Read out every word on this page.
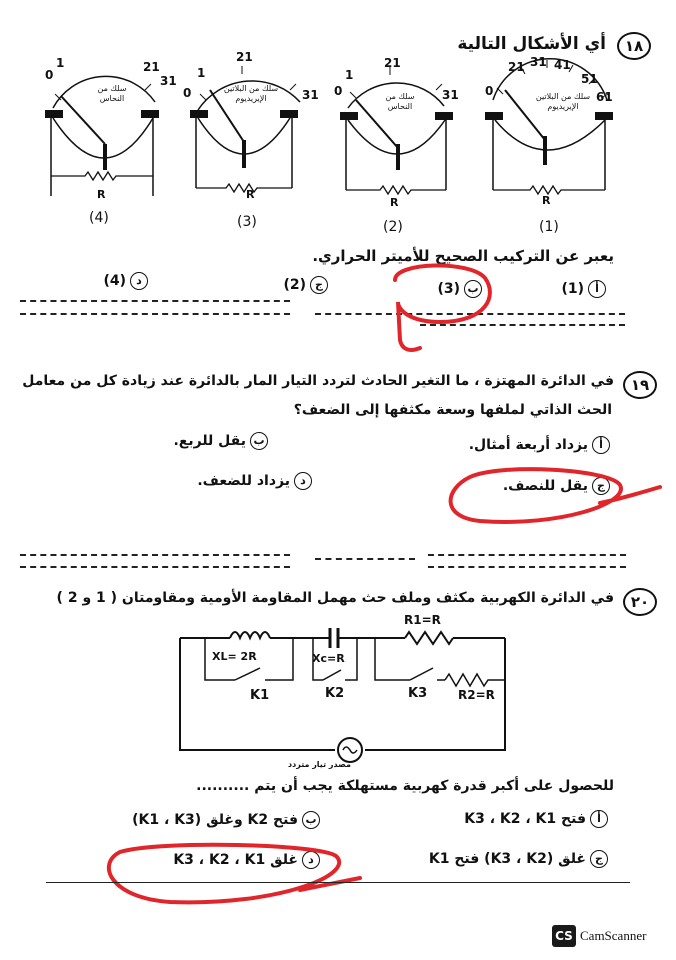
١٨
أي الأشكال التالية
0
21 31 41
51
61
سلك من البلاتين الإيريديوم
R
(1)
0
1
21
31
سلك من النحاس
R
(2)
0
1
21
31
سلك من البلاتين الإيريديوم
R
(3)
0
1	21
31
سلك من النحاس
R
(4)
يعبر عن التركيب الصحيح للأميتر الحراري.
أ(1)
ب(3)
ج(2)
د(4)
١٩
في الدائرة المهتزة ، ما التغير الحادث لتردد التيار المار بالدائرة عند زيادة كل من معامل
الحث الذاتي لملفها وسعة مكثفها إلى الضعف؟
أيزداد أربعة أمثال.
بيقل للربع.
جيقل للنصف.
ديزداد للضعف.
٢٠
في الدائرة الكهربية مكثف وملف حث مهمل المقاومة الأومية ومقاومتان ( 1 و 2 )
XL= 2R	Xc=R
R1=R
R2=R
K1	K2	K3
مصدر تيار متردد
للحصول على أكبر قدرة كهربية مستهلكة يجب أن يتم ..........
أفتح K3 ، K2 ، K1
بفتح K2 وغلق (K1 ، K3)
جغلق (K3 ، K2) فتح K1
دغلق K3 ، K2 ، K1
CS CamScanner
